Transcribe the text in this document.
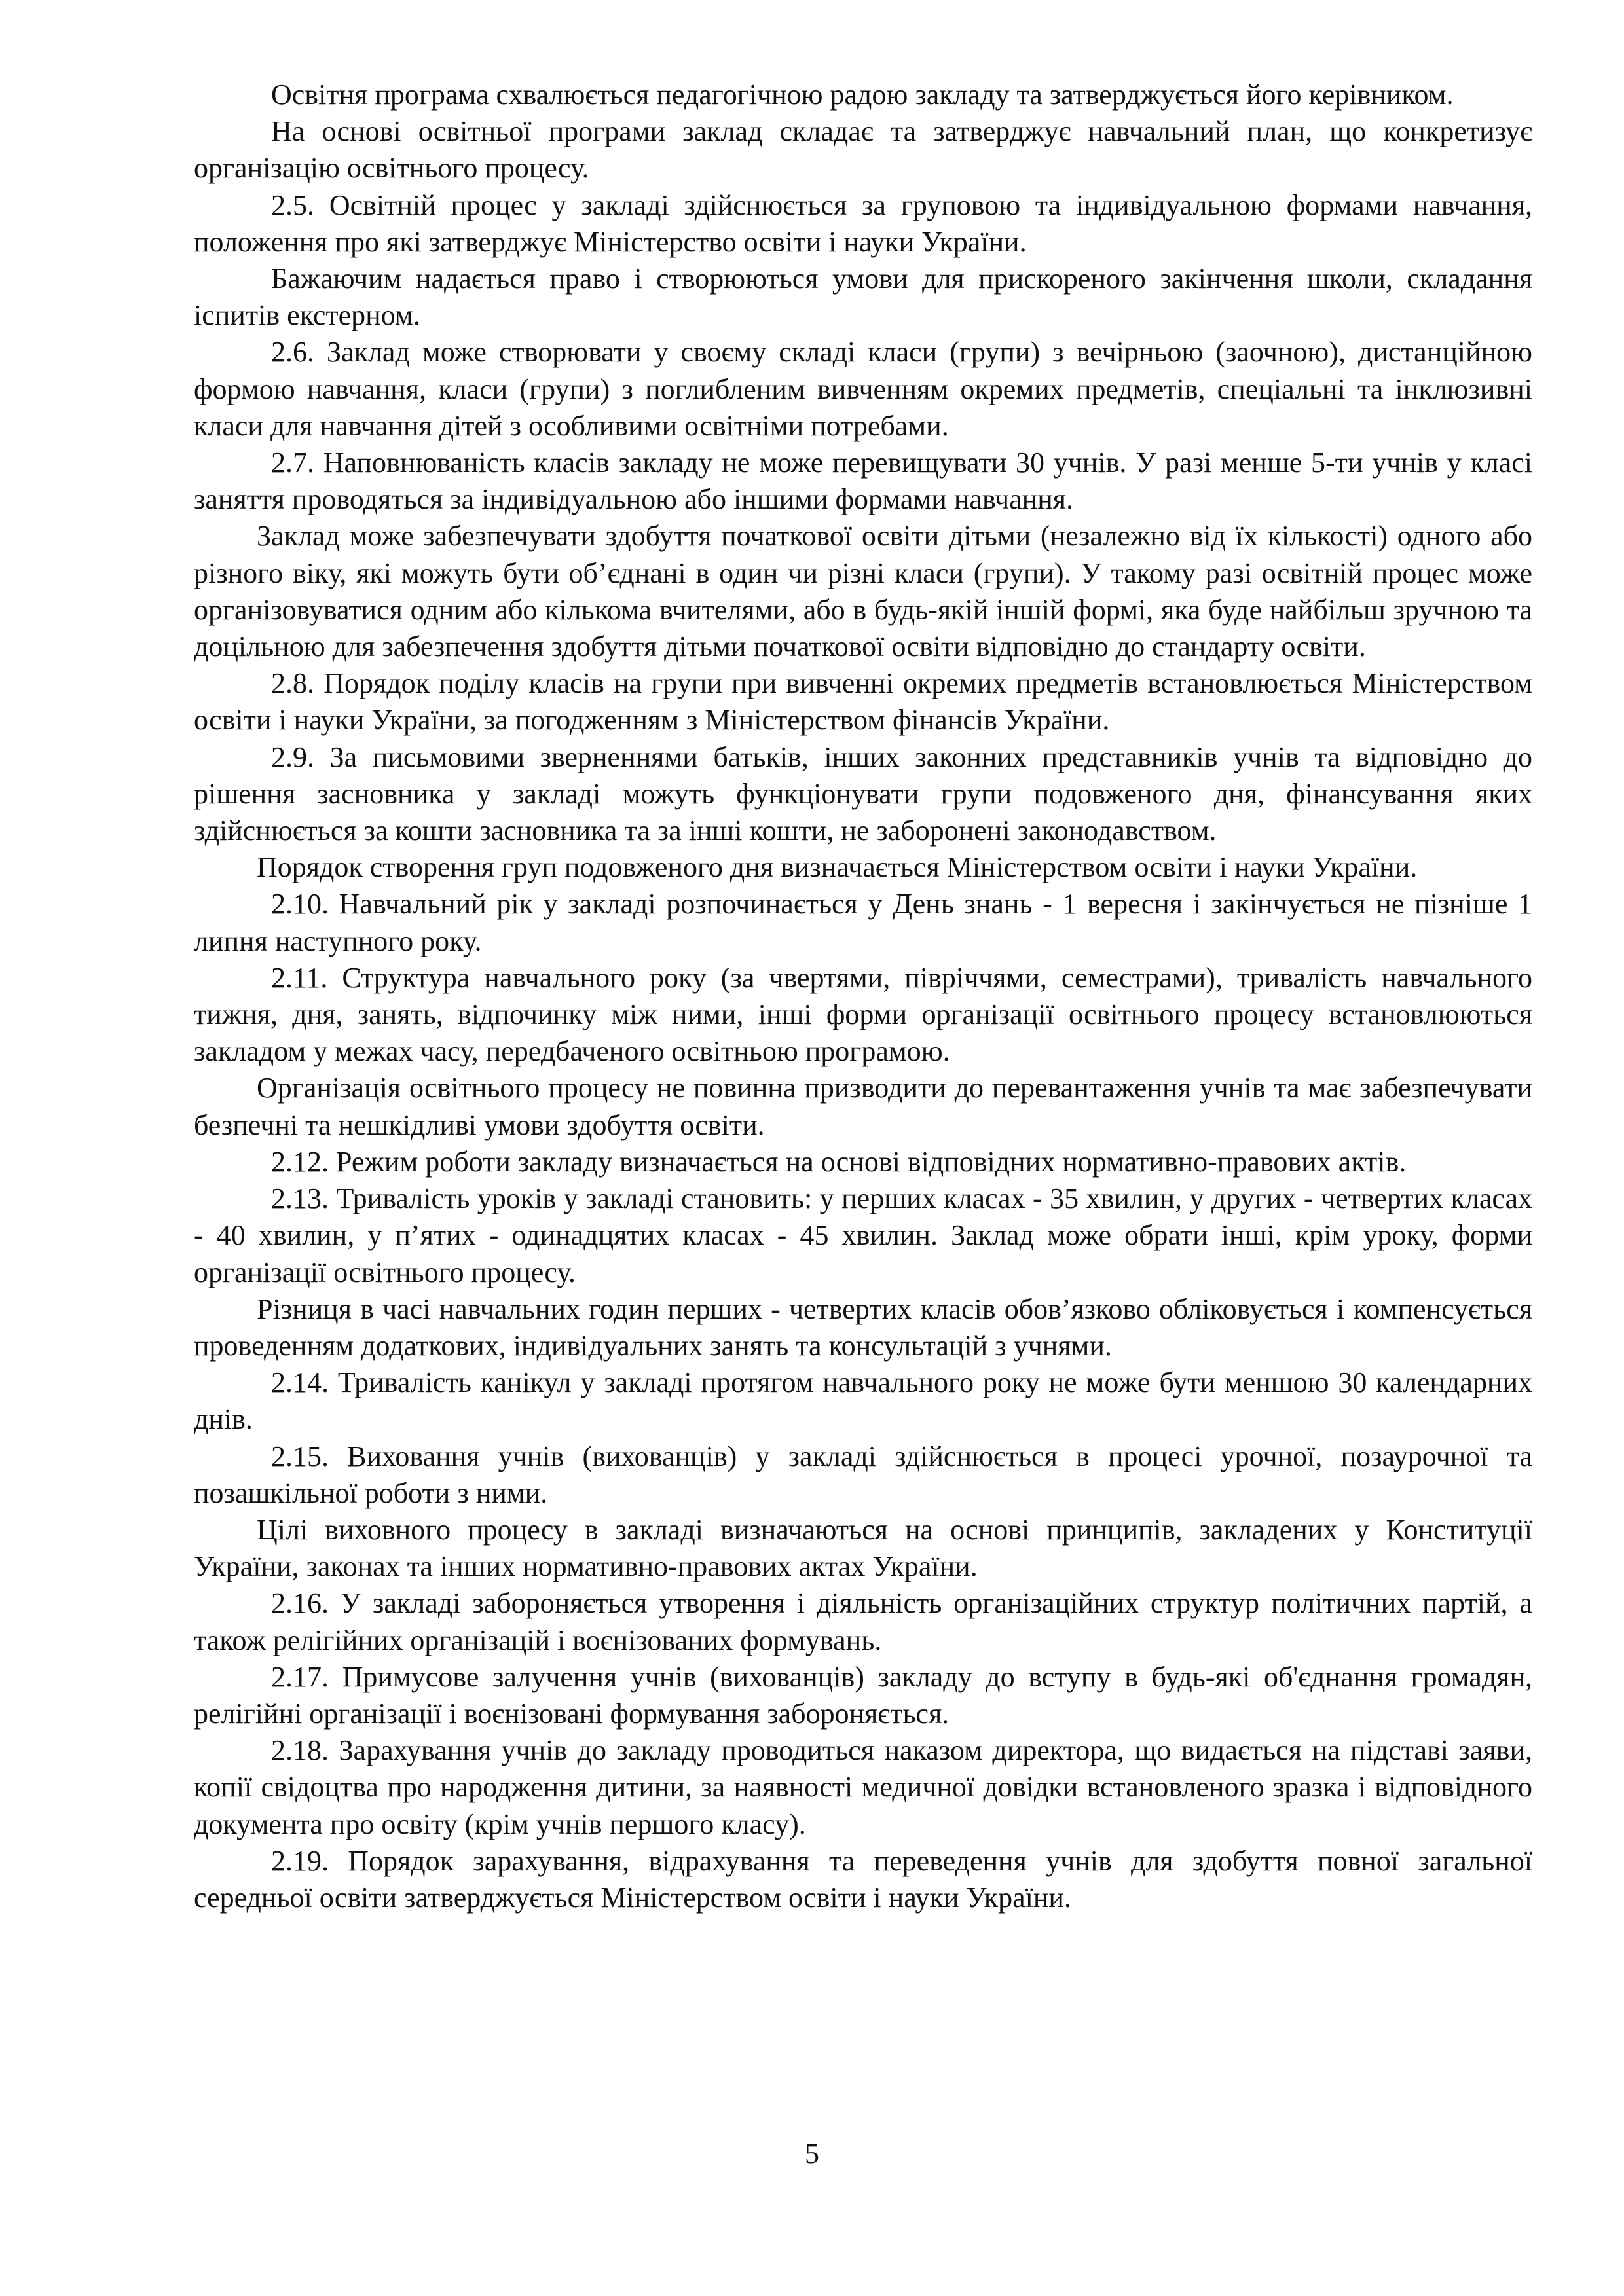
Освітня програма схвалюється педагогічною радою закладу та затверджується його керівником.

На основі освітньої програми заклад складає та затверджує навчальний план, що конкретизує організацію освітнього процесу.

2.5. Освітній процес у закладі здійснюється за груповою та індивідуальною формами навчання, положення про які затверджує Міністерство освіти і науки України.

Бажаючим надається право і створюються умови для прискореного закінчення школи, складання іспитів екстерном.

2.6. Заклад може створювати у своєму складі класи (групи) з вечірньою (заочною), дистанційною формою навчання, класи (групи) з поглибленим вивченням окремих предметів, спеціальні та інклюзивні класи для навчання дітей з особливими освітніми потребами.

2.7. Наповнюваність класів закладу не може перевищувати 30 учнів. У разі менше 5-ти учнів у класі заняття проводяться за індивідуальною або іншими формами навчання.

Заклад може забезпечувати здобуття початкової освіти дітьми (незалежно від їх кількості) одного або різного віку, які можуть бути об’єднані в один чи різні класи (групи). У такому разі освітній процес може організовуватися одним або кількома вчителями, або в будь-якій іншій формі, яка буде найбільш зручною та доцільною для забезпечення здобуття дітьми початкової освіти відповідно до стандарту освіти.

2.8. Порядок поділу класів на групи при вивченні окремих предметів встановлюється Міністерством освіти і науки України, за погодженням з Міністерством фінансів України.

2.9. За письмовими зверненнями батьків, інших законних представників учнів та відповідно до рішення засновника у закладі можуть функціонувати групи подовженого дня, фінансування яких здійснюється за кошти засновника та за інші кошти, не заборонені законодавством.

Порядок створення груп подовженого дня визначається Міністерством освіти і науки України.

2.10. Навчальний рік у закладі розпочинається у День знань - 1 вересня і закінчується не пізніше 1 липня наступного року.

2.11. Структура навчального року (за чвертями, півріччями, семестрами), тривалість навчального тижня, дня, занять, відпочинку між ними, інші форми організації освітнього процесу встановлюються закладом у межах часу, передбаченого освітньою програмою.

Організація освітнього процесу не повинна призводити до перевантаження учнів та має забезпечувати безпечні та нешкідливі умови здобуття освіти.

2.12. Режим роботи закладу визначається на основі відповідних нормативно-правових актів.

2.13. Тривалість уроків у закладі становить: у перших класах - 35 хвилин, у других - четвертих класах - 40 хвилин, у п’ятих - одинадцятих класах - 45 хвилин. Заклад може обрати інші, крім уроку, форми організації освітнього процесу.

Різниця в часі навчальних годин перших - четвертих класів обов’язково обліковується і компенсується проведенням додаткових, індивідуальних занять та консультацій з учнями.

2.14. Тривалість канікул у закладі протягом навчального року не може бути меншою 30 календарних днів.

2.15. Виховання учнів (вихованців) у закладі здійснюється в процесі урочної, позаурочної та позашкільної роботи з ними.

Цілі виховного процесу в закладі визначаються на основі принципів, закладених у Конституції України, законах та інших нормативно-правових актах України.

2.16. У закладі забороняється утворення і діяльність організаційних структур політичних партій, а також релігійних організацій і воєнізованих формувань.

2.17. Примусове залучення учнів (вихованців) закладу до вступу в будь-які об'єднання громадян, релігійні організації і воєнізовані формування забороняється.

2.18. Зарахування учнів до закладу проводиться наказом директора, що видається на підставі заяви, копії свідоцтва про народження дитини, за наявності медичної довідки встановленого зразка і відповідного документа про освіту (крім учнів першого класу).

2.19. Порядок зарахування, відрахування та переведення учнів для здобуття повної загальної середньої освіти затверджується Міністерством освіти і науки України.

5
